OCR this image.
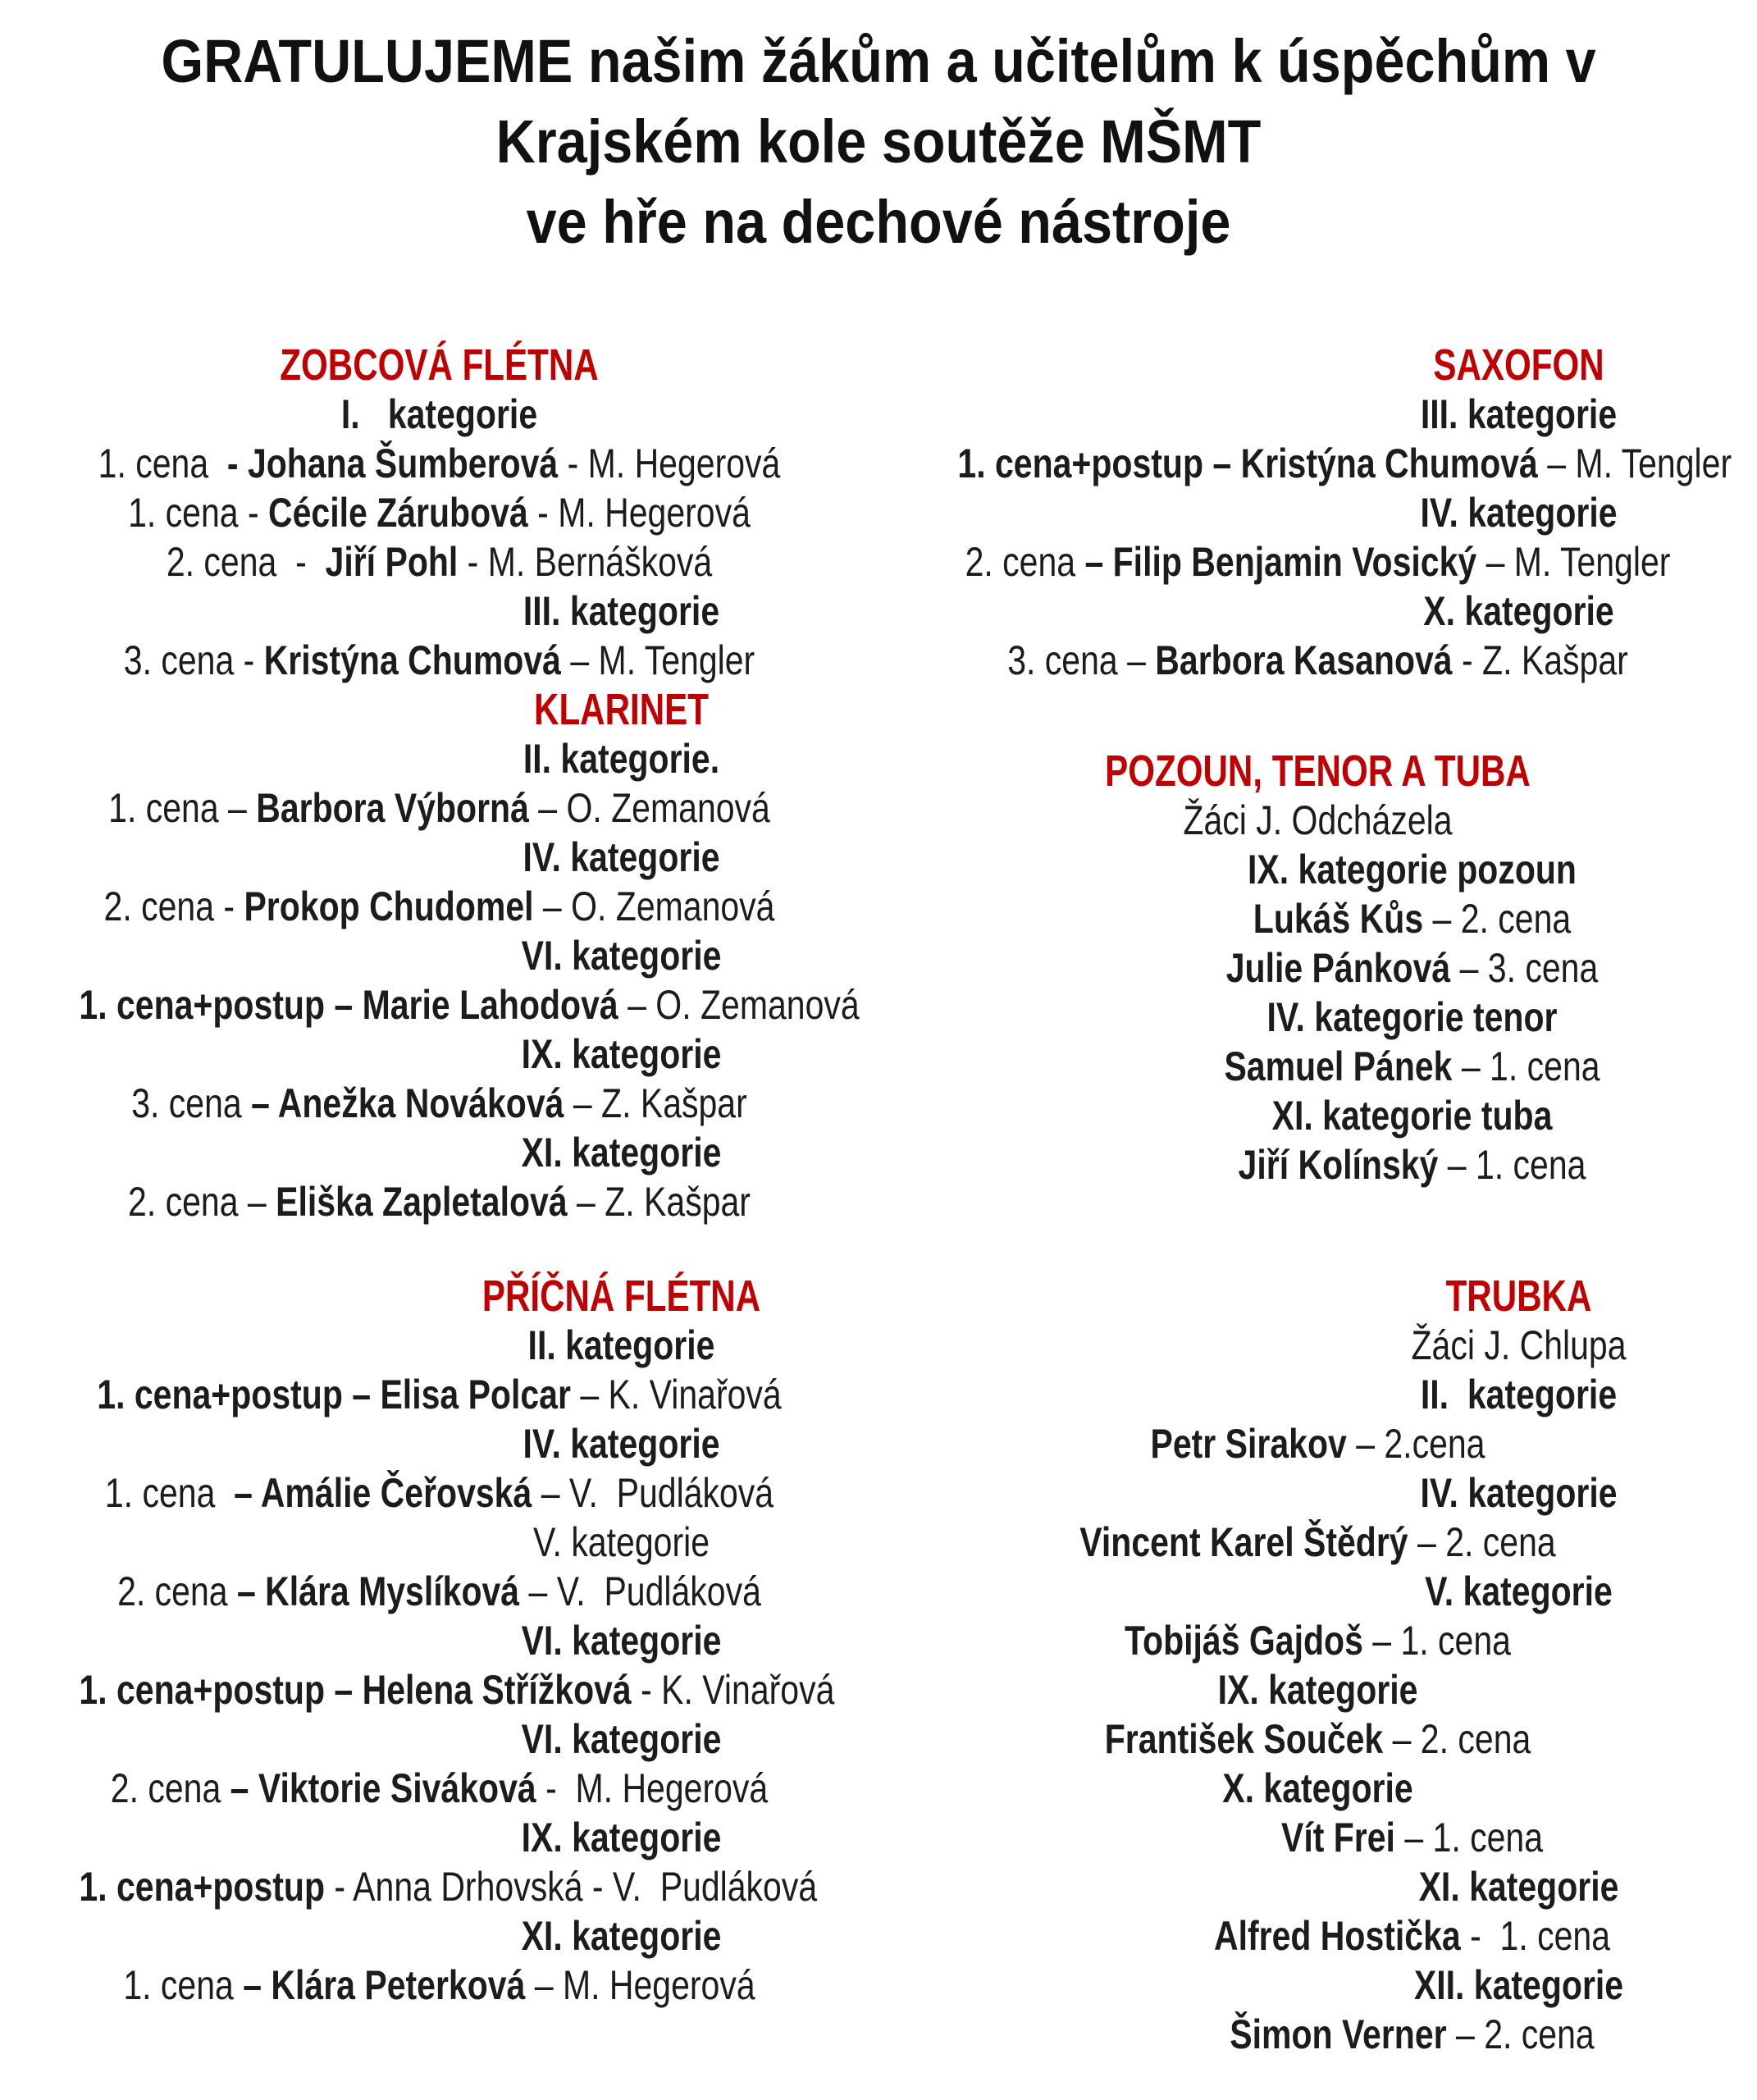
GRATULUJEME našim žákům a učitelům k úspěchům v
Krajském kole soutěže MŠMT
ve hře na dechové nástroje
ZOBCOVÁ FLÉTNA
I.   kategorie
1. cena  - Johana Šumberová - M. Hegerová
1. cena - Cécile Zárubová - M. Hegerová
2. cena  -  Jiří Pohl - M. Bernášková
III. kategorie
3. cena - Kristýna Chumová – M. Tengler
KLARINET
II. kategorie.
1. cena – Barbora Výborná – O. Zemanová
IV. kategorie
2. cena - Prokop Chudomel – O. Zemanová
VI. kategorie
1. cena+postup – Marie Lahodová – O. Zemanová
IX. kategorie
3. cena – Anežka Nováková – Z. Kašpar
XI. kategorie
2. cena – Eliška Zapletalová – Z. Kašpar
PŘÍČNÁ FLÉTNA
II. kategorie
1. cena+postup – Elisa Polcar – K. Vinařová
IV. kategorie
1. cena  – Amálie Čeřovská – V.  Pudláková
V. kategorie
2. cena – Klára Myslíková – V.  Pudláková
VI. kategorie
1. cena+postup – Helena Střížková - K. Vinařová
VI. kategorie
2. cena – Viktorie Siváková -  M. Hegerová
IX. kategorie
1. cena+postup - Anna Drhovská - V.  Pudláková
XI. kategorie
1. cena – Klára Peterková – M. Hegerová
SAXOFON
III. kategorie
1. cena+postup – Kristýna Chumová – M. Tengler
IV. kategorie
2. cena – Filip Benjamin Vosický – M. Tengler
X. kategorie
3. cena – Barbora Kasanová - Z. Kašpar
POZOUN, TENOR A TUBA
Žáci J. Odcházela
IX. kategorie pozoun
Lukáš Kůs – 2. cena
Julie Pánková – 3. cena
IV. kategorie tenor
Samuel Pánek – 1. cena
XI. kategorie tuba
Jiří Kolínský – 1. cena
TRUBKA
Žáci J. Chlupa
II.  kategorie
Petr Sirakov – 2.cena
IV. kategorie
Vincent Karel Štědrý – 2. cena
V. kategorie
Tobijáš Gajdoš – 1. cena
IX. kategorie
František Souček – 2. cena
X. kategorie
Vít Frei – 1. cena
XI. kategorie
Alfred Hostička -  1. cena
XII. kategorie
Šimon Verner – 2. cena
